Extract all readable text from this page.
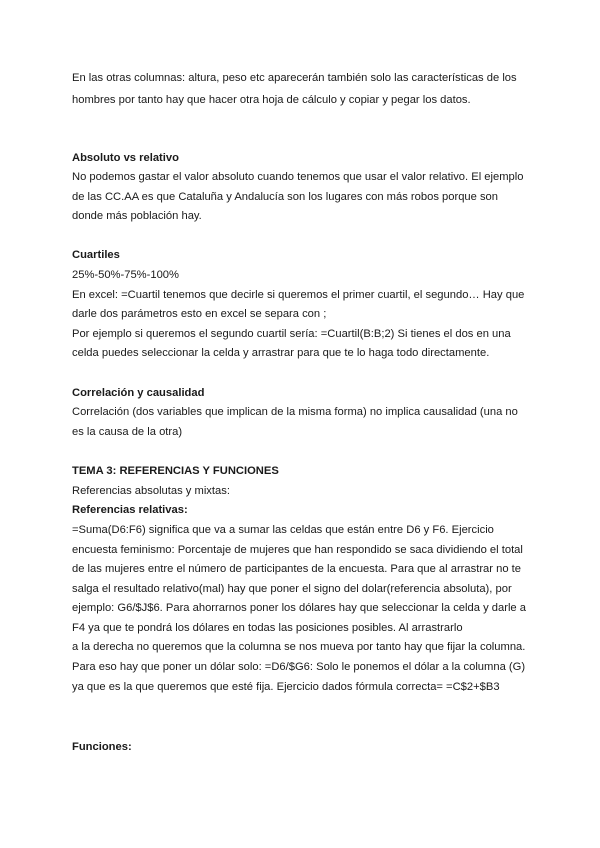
En las otras columnas: altura, peso etc aparecerán también solo las características de los
hombres por tanto hay que hacer otra hoja de cálculo y copiar y pegar los datos.
Absoluto vs relativo
No podemos gastar el valor absoluto cuando tenemos que usar el valor relativo. El ejemplo
de las CC.AA es que Cataluña y Andalucía son los lugares con más robos porque son
donde más población hay.
Cuartiles
25%-50%-75%-100%
En excel: =Cuartil tenemos que decirle si queremos el primer cuartil, el segundo… Hay que
darle dos parámetros esto en excel se separa con ;
Por ejemplo si queremos el segundo cuartil sería: =Cuartil(B:B;2) Si tienes el dos en una
celda puedes seleccionar la celda y arrastrar para que te lo haga todo directamente.
Correlación y causalidad
Correlación (dos variables que implican de la misma forma) no implica causalidad (una no
es la causa de la otra)
TEMA 3: REFERENCIAS Y FUNCIONES
Referencias absolutas y mixtas:
Referencias relativas:
=Suma(D6:F6) significa que va a sumar las celdas que están entre D6 y F6. Ejercicio
encuesta feminismo: Porcentaje de mujeres que han respondido se saca dividiendo el total
de las mujeres entre el número de participantes de la encuesta. Para que al arrastrar no te
salga el resultado relativo(mal) hay que poner el signo del dolar(referencia absoluta), por
ejemplo: G6/$J$6. Para ahorrarnos poner los dólares hay que seleccionar la celda y darle a
F4 ya que te pondrá los dólares en todas las posiciones posibles. Al arrastrarlo
a la derecha no queremos que la columna se nos mueva por tanto hay que fijar la columna.
Para eso hay que poner un dólar solo: =D6/$G6: Solo le ponemos el dólar a la columna (G)
ya que es la que queremos que esté fija. Ejercicio dados fórmula correcta= =C$2+$B3
Funciones:
